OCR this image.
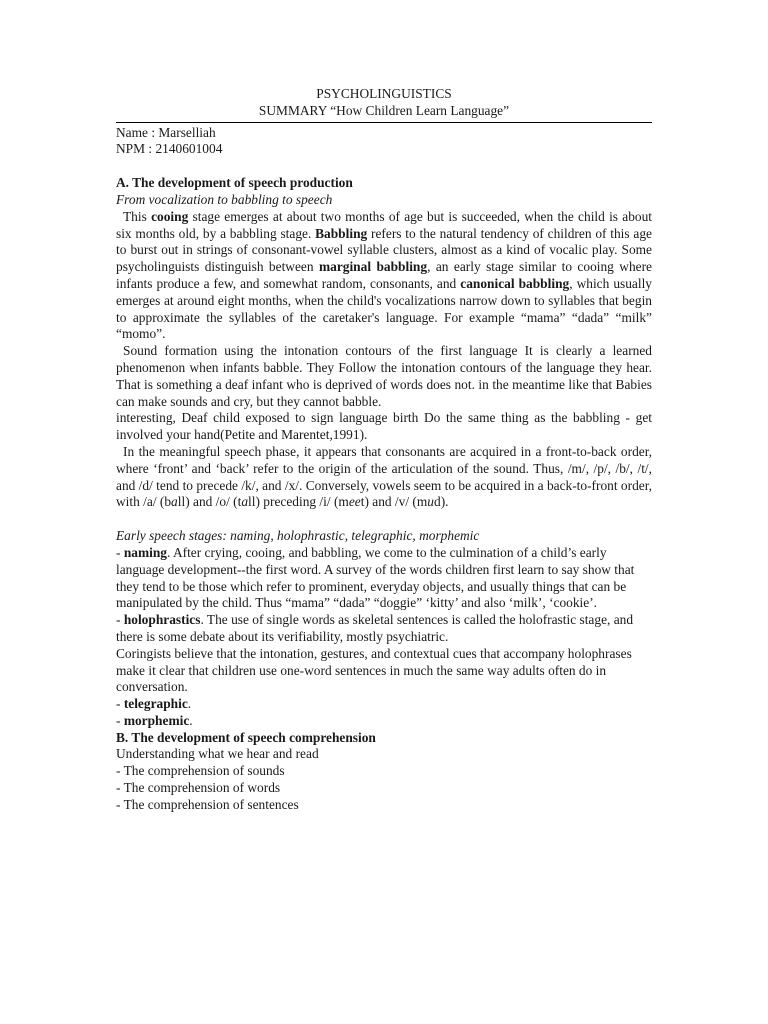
PSYCHOLINGUISTICS
SUMMARY “How Children Learn Language”
Name : Marselliah
NPM : 2140601004
A. The development of speech production
From vocalization to babbling to speech
This cooing stage emerges at about two months of age but is succeeded, when the child is about six months old, by a babbling stage. Babbling refers to the natural tendency of children of this age to burst out in strings of consonant-vowel syllable clusters, almost as a kind of vocalic play. Some psycholinguists distinguish between marginal babbling, an early stage similar to cooing where infants produce a few, and somewhat random, consonants, and canonical babbling, which usually emerges at around eight months, when the child's vocalizations narrow down to syllables that begin to approximate the syllables of the caretaker's language. For example “mama” “dada” “milk” “momo”.
Sound formation using the intonation contours of the first language It is clearly a learned phenomenon when infants babble. They Follow the intonation contours of the language they hear. That is something a deaf infant who is deprived of words does not. in the meantime like that Babies can make sounds and cry, but they cannot babble.
interesting, Deaf child exposed to sign language birth Do the same thing as the babbling - get involved your hand(Petite and Marentet,1991).
In the meaningful speech phase, it appears that consonants are acquired in a front-to-back order, where ‘front’ and ‘back’ refer to the origin of the articulation of the sound. Thus, /m/, /p/, /b/, /t/, and /d/ tend to precede /k/, and /x/. Conversely, vowels seem to be acquired in a back-to-front order, with /a/ (ball) and /o/ (tall) preceding /i/ (meet) and /v/ (mud).
Early speech stages: naming, holophrastic, telegraphic, morphemic
- naming. After crying, cooing, and babbling, we come to the culmination of a child’s early language development--the first word. A survey of the words children first learn to say show that they tend to be those which refer to prominent, everyday objects, and usually things that can be manipulated by the child. Thus “mama” “dada” “doggie” ‘kitty’ and also ‘milk’, ‘cookie’.
- holophrastics. The use of single words as skeletal sentences is called the holofrastic stage, and there is some debate about its verifiability, mostly psychiatric.
Coringists believe that the intonation, gestures, and contextual cues that accompany holophrases make it clear that children use one-word sentences in much the same way adults often do in conversation.
- telegraphic.
- morphemic.
B. The development of speech comprehension
Understanding what we hear and read
- The comprehension of sounds
- The comprehension of words
- The comprehension of sentences
